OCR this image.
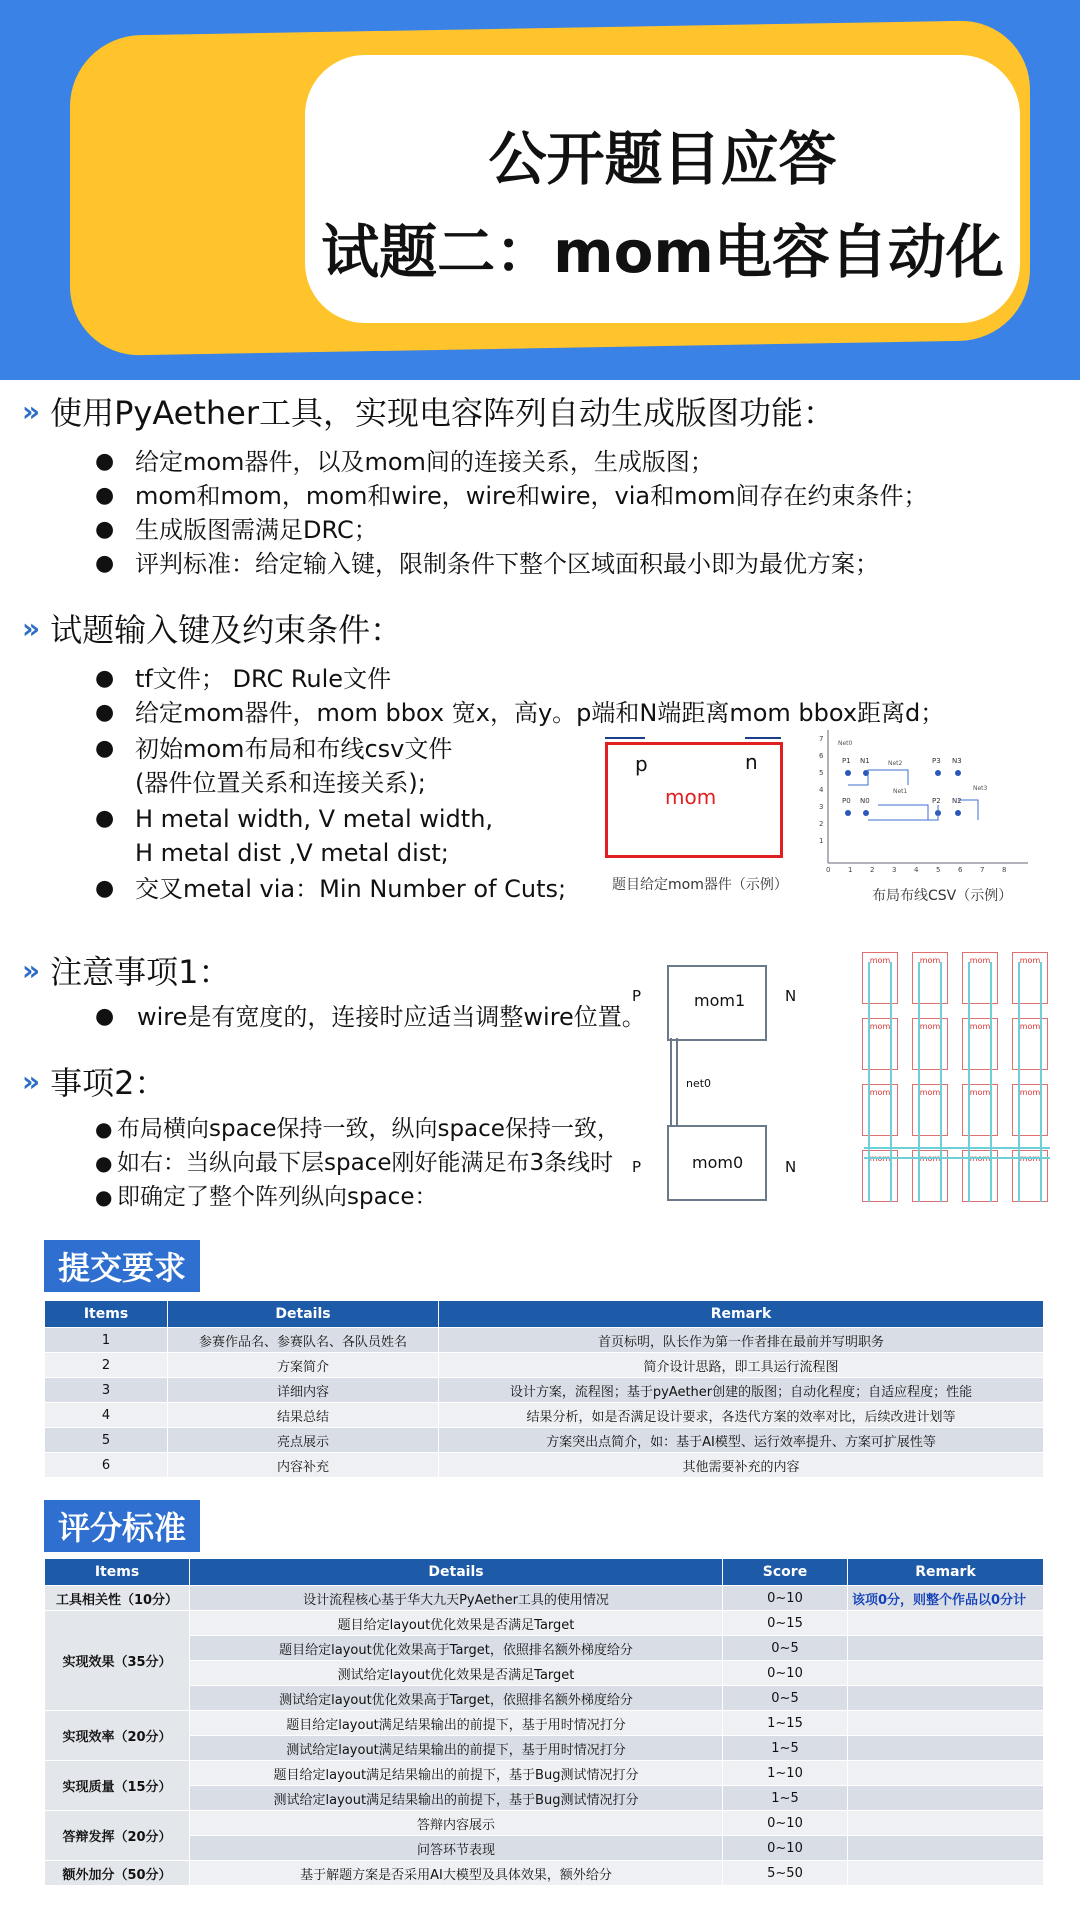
公开题目应答
试题二：mom电容自动化
» 使用PyAether工具，实现电容阵列自动生成版图功能：
● 给定mom器件，以及mom间的连接关系，生成版图；
● mom和mom，mom和wire，wire和wire，via和mom间存在约束条件；
● 生成版图需满足DRC；
● 评判标准：给定输入键，限制条件下整个区域面积最小即为最优方案；
» 试题输入键及约束条件：
● tf文件； DRC Rule文件
● 给定mom器件，mom bbox 宽x，高y。p端和N端距离mom bbox距离d；
● 初始mom布局和布线csv文件
(器件位置关系和连接关系);
● H metal width, V metal width,
H metal dist ,V metal dist;
● 交叉metal via：Min Number of Cuts;
p	n
mom
题目给定mom器件（示例）
0	1	2	3	4	5	6	7	8
1
2
3
4
5
6
7
P1 N1	P3 N3
P0 N0	P2 N2
Net0
Net1
Net2
Net3
布局布线CSV（示例）
» 注意事项1：
● wire是有宽度的，连接时应适当调整wire位置。
» 事项2：
● 布局横向space保持一致，纵向space保持一致，
● 如右：当纵向最下层space刚好能满足布3条线时
● 即确定了整个阵列纵向space：
P	mom1	N
net0
P	mom0	N
mom	mom	mom	mom
mom	mom	mom	mom
mom	mom	mom	mom
mom	mom	mom	mom
提交要求
Items	Details	Remark
1	参赛作品名、参赛队名、各队员姓名	首页标明，队长作为第一作者排在最前并写明职务
2	方案简介	简介设计思路，即工具运行流程图
3	详细内容	设计方案，流程图；基于pyAether创建的版图；自动化程度；自适应程度；性能
4	结果总结	结果分析，如是否满足设计要求，各迭代方案的效率对比，后续改进计划等
5	亮点展示	方案突出点简介，如：基于AI模型、运行效率提升、方案可扩展性等
6	内容补充	其他需要补充的内容
评分标准
Items	Details	Score	Remark
工具相关性（10分）	设计流程核心基于华大九天PyAether工具的使用情况	0~10	该项0分，则整个作品以0分计
实现效果（35分）	题目给定layout优化效果是否满足Target	0~15	
	题目给定layout优化效果高于Target，依照排名额外梯度给分	0~5	
	测试给定layout优化效果是否满足Target	0~10	
	测试给定layout优化效果高于Target，依照排名额外梯度给分	0~5	
实现效率（20分）	题目给定layout满足结果输出的前提下，基于用时情况打分	1~15	
	测试给定layout满足结果输出的前提下，基于用时情况打分	1~5	
实现质量（15分）	题目给定layout满足结果输出的前提下，基于Bug测试情况打分	1~10	
	测试给定layout满足结果输出的前提下，基于Bug测试情况打分	1~5	
答辩发挥（20分）	答辩内容展示	0~10	
	问答环节表现	0~10	
额外加分（50分）	基于解题方案是否采用AI大模型及具体效果，额外给分	5~50	
